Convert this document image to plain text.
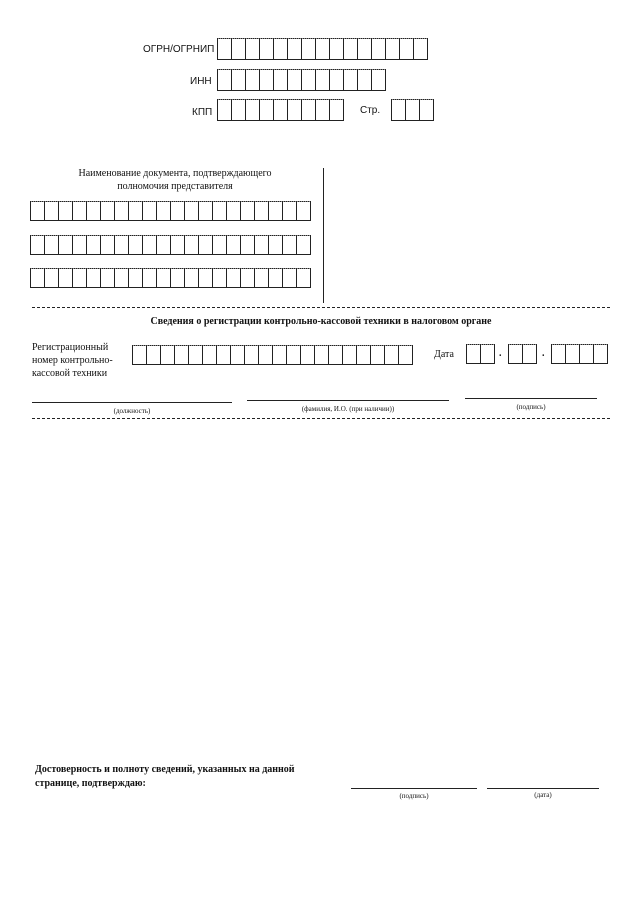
ОГРН/ОГРНИП
ИНН
КПП	Стр.
Наименование документа, подтверждающего
полномочия представителя
Сведения о регистрации контрольно-кассовой техники в налоговом органе
Регистрационный
номер контрольно-
кассовой техники
Дата	.	.
(должность)	(фамилия, И.О. (при наличии))	(подпись)
Достоверность и полноту сведений, указанных на данной
странице, подтверждаю:
(подпись)	(дата)
